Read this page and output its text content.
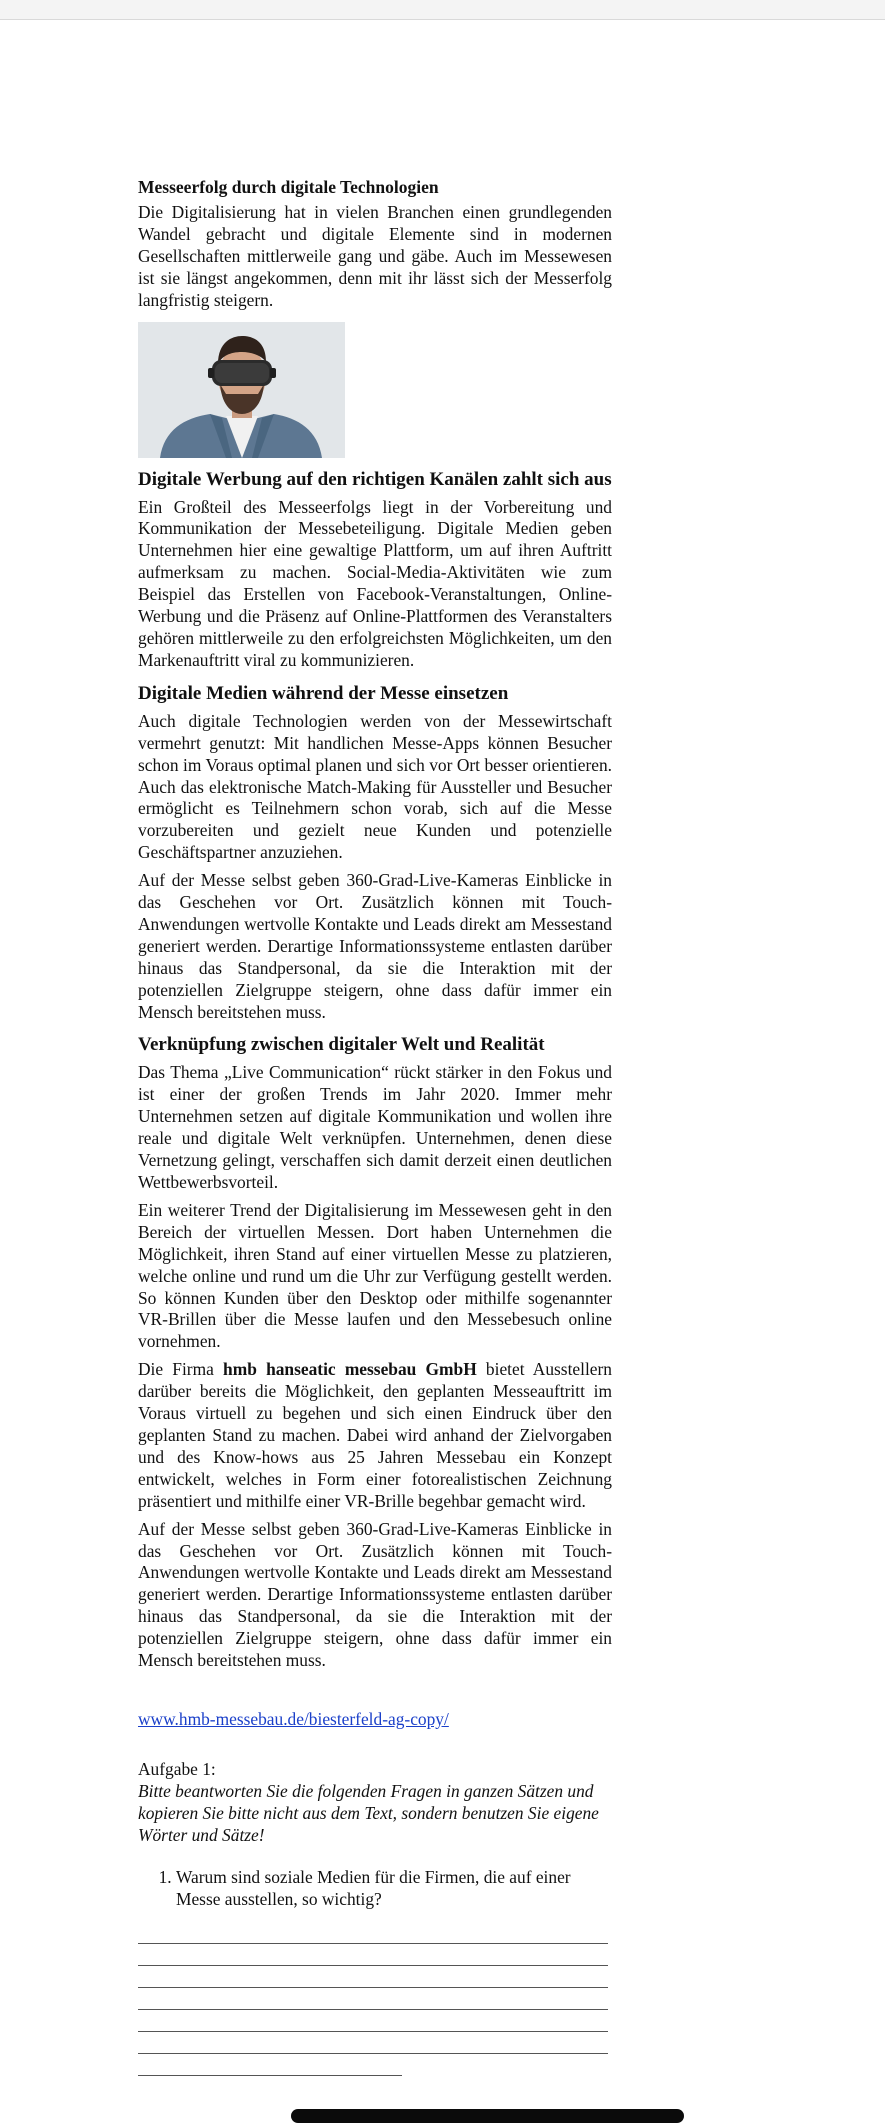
Messeerfolg durch digitale Technologien

Die Digitalisierung hat in vielen Branchen einen grundlegenden Wandel gebracht und digitale Elemente sind in modernen Gesellschaften mittlerweile gang und gäbe. Auch im Messewesen ist sie längst angekommen, denn mit ihr lässt sich der Messerfolg langfristig steigern.

Digitale Werbung auf den richtigen Kanälen zahlt sich aus

Ein Großteil des Messeerfolgs liegt in der Vorbereitung und Kommunikation der Messebeteiligung. Digitale Medien geben Unternehmen hier eine gewaltige Plattform, um auf ihren Auftritt aufmerksam zu machen. Social-Media-Aktivitäten wie zum Beispiel das Erstellen von Facebook-Veranstaltungen, Online-Werbung und die Präsenz auf Online-Plattformen des Veranstalters gehören mittlerweile zu den erfolgreichsten Möglichkeiten, um den Markenauftritt viral zu kommunizieren.

Digitale Medien während der Messe einsetzen

Auch digitale Technologien werden von der Messewirtschaft vermehrt genutzt: Mit handlichen Messe-Apps können Besucher schon im Voraus optimal planen und sich vor Ort besser orientieren. Auch das elektronische Match-Making für Aussteller und Besucher ermöglicht es Teilnehmern schon vorab, sich auf die Messe vorzubereiten und gezielt neue Kunden und potenzielle Geschäftspartner anzuziehen.

Auf der Messe selbst geben 360-Grad-Live-Kameras Einblicke in das Geschehen vor Ort. Zusätzlich können mit Touch-Anwendungen wertvolle Kontakte und Leads direkt am Messestand generiert werden. Derartige Informationssysteme entlasten darüber hinaus das Standpersonal, da sie die Interaktion mit der potenziellen Zielgruppe steigern, ohne dass dafür immer ein Mensch bereitstehen muss.

Verknüpfung zwischen digitaler Welt und Realität

Das Thema „Live Communication“ rückt stärker in den Fokus und ist einer der großen Trends im Jahr 2020. Immer mehr Unternehmen setzen auf digitale Kommunikation und wollen ihre reale und digitale Welt verknüpfen. Unternehmen, denen diese Vernetzung gelingt, verschaffen sich damit derzeit einen deutlichen Wettbewerbsvorteil.

Ein weiterer Trend der Digitalisierung im Messewesen geht in den Bereich der virtuellen Messen. Dort haben Unternehmen die Möglichkeit, ihren Stand auf einer virtuellen Messe zu platzieren, welche online und rund um die Uhr zur Verfügung gestellt werden. So können Kunden über den Desktop oder mithilfe sogenannter VR-Brillen über die Messe laufen und den Messebesuch online vornehmen.

Die Firma hmb hanseatic messebau GmbH bietet Ausstellern darüber bereits die Möglichkeit, den geplanten Messeauftritt im Voraus virtuell zu begehen und sich einen Eindruck über den geplanten Stand zu machen. Dabei wird anhand der Zielvorgaben und des Know-hows aus 25 Jahren Messebau ein Konzept entwickelt, welches in Form einer fotorealistischen Zeichnung präsentiert und mithilfe einer VR-Brille begehbar gemacht wird.

Auf der Messe selbst geben 360-Grad-Live-Kameras Einblicke in das Geschehen vor Ort. Zusätzlich können mit Touch-Anwendungen wertvolle Kontakte und Leads direkt am Messestand generiert werden. Derartige Informationssysteme entlasten darüber hinaus das Standpersonal, da sie die Interaktion mit der potenziellen Zielgruppe steigern, ohne dass dafür immer ein Mensch bereitstehen muss.

www.hmb-messebau.de/biesterfeld-ag-copy/

Aufgabe 1:

Bitte beantworten Sie die folgenden Fragen in ganzen Sätzen und kopieren Sie bitte nicht aus dem Text, sondern benutzen Sie eigene Wörter und Sätze!

1. Warum sind soziale Medien für die Firmen, die auf einer Messe ausstellen, so wichtig?
